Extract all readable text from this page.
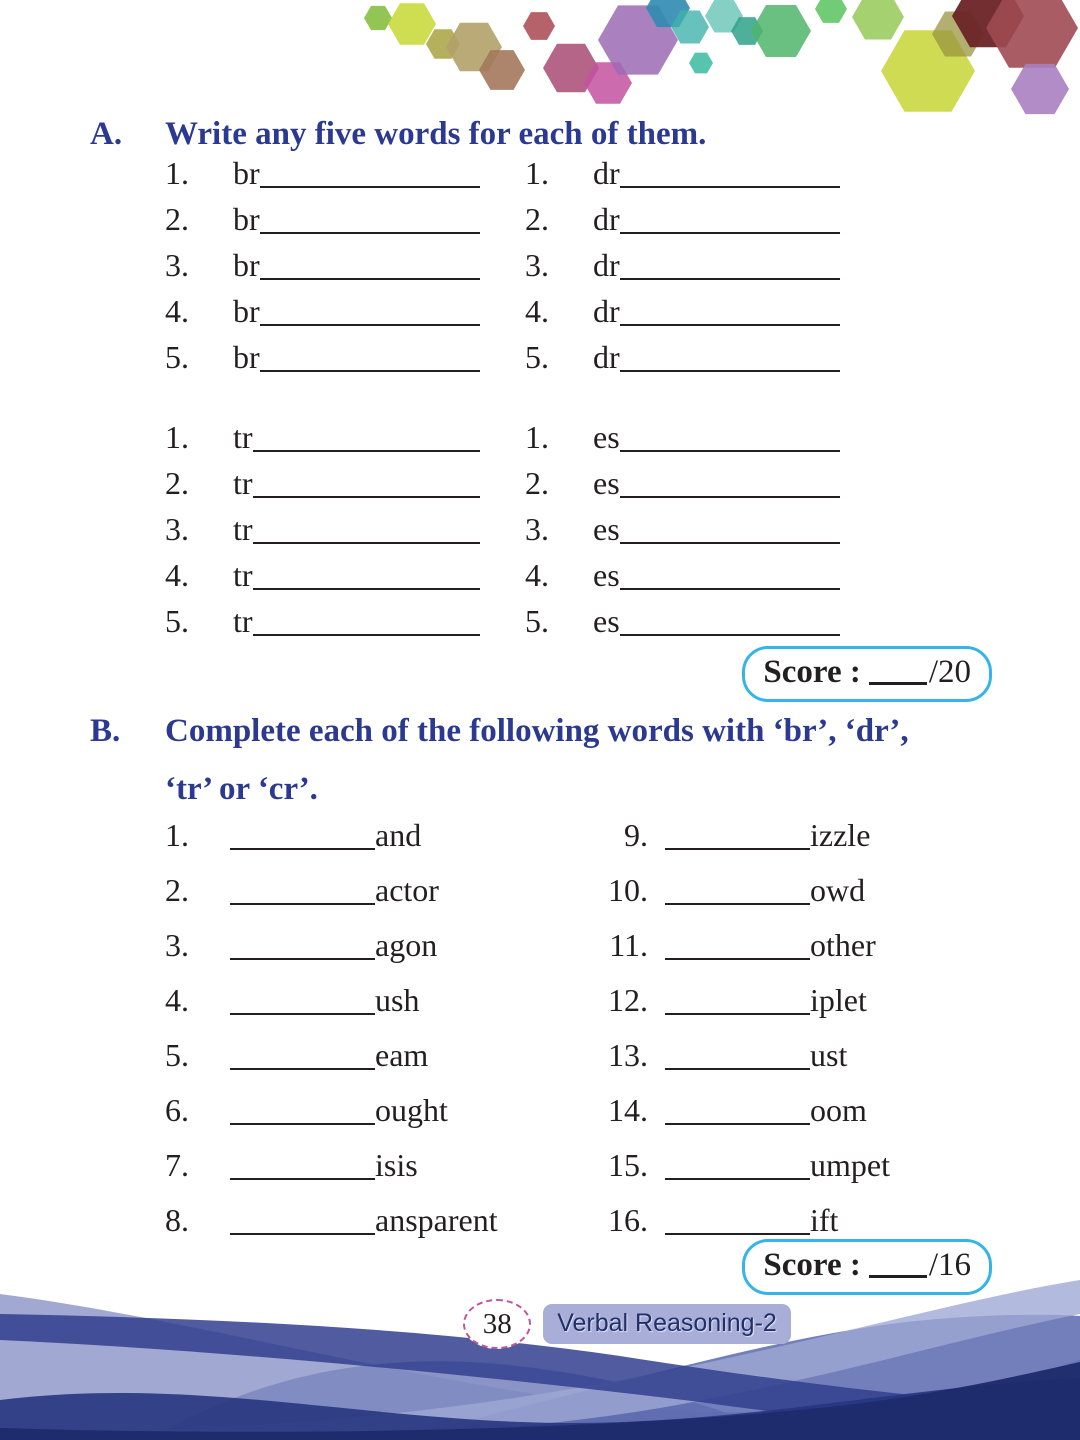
A.	Write any five words for each of them.
1.	br	1.	dr
2.	br	2.	dr
3.	br	3.	dr
4.	br	4.	dr
5.	br	5.	dr
1.	tr	1.	es
2.	tr	2.	es
3.	tr	3.	es
4.	tr	4.	es
5.	tr	5.	es
Score : /20
B.	Complete each of the following words with ‘br’, ‘dr’,
‘tr’ or ‘cr’.
1.	and	9.	izzle
2.	actor	10.	owd
3.	agon	11.	other
4.	ush	12.	iplet
5.	eam	13.	ust
6.	ought	14.	oom
7.	isis	15.	umpet
8.	ansparent	16.	ift
Score : /16
38	Verbal Reasoning-2
